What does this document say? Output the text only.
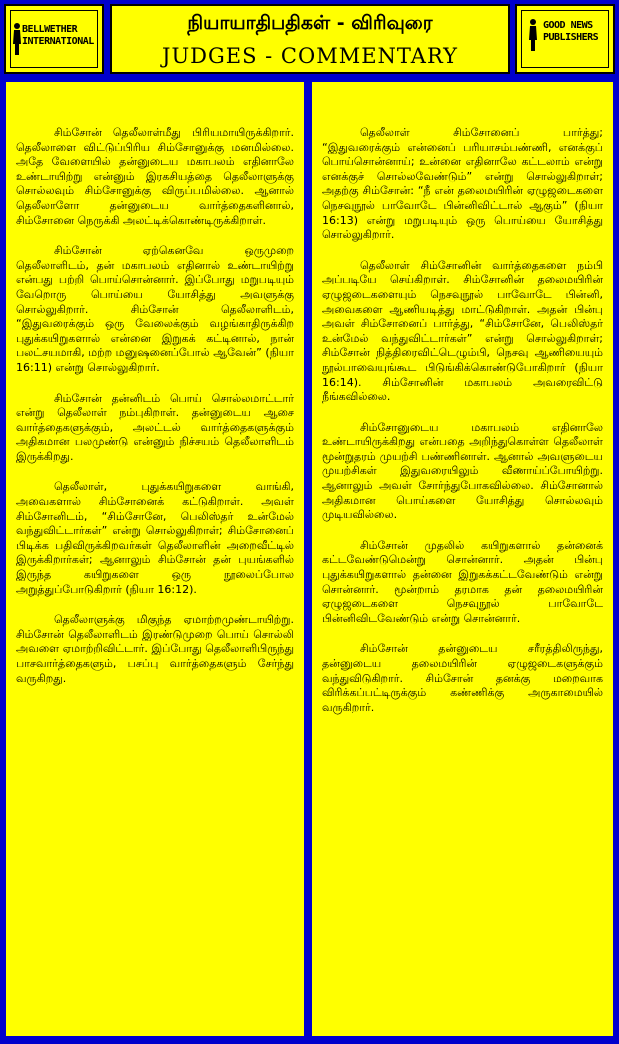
BELLWETHER INTERNATIONAL
நியாயாதிபதிகள் - விரிவுரை
JUDGES - COMMENTARY
GOOD NEWS PUBLISHERS

சிம்சோன் தெலீலாள்மீது பிரியமாயிருக்கிறார். தெலீலாளை விட்டுப்பிரிய சிம்சோனுக்கு மனமில்லை. அதே வேளையில் தன்னுடைய மகாபலம் எதினாலே உண்டாயிற்று என்னும் இரகசியத்தை தெலீலாளுக்கு சொல்லவும் சிம்சோனுக்கு விருப்பமில்லை. ஆனால் தெலீலாளோ தன்னுடைய வார்த்தைகளினால், சிம்சோனை நெருக்கி அலட்டிக்கொண்டிருக்கிறாள்.

சிம்சோன் ஏற்கெனவே ஒருமுறை தெலீலாளிடம், தன் மகாபலம் எதினால் உண்டாயிற்று என்பது பற்றி பொய்சொன்னார். இப்போது மறுபடியும் வேறொரு பொய்யை யோசித்து அவளுக்கு சொல்லுகிறார். சிம்சோன் தெலீலாளிடம், “இதுவரைக்கும் ஒரு வேலைக்கும் வழங்காதிருக்கிற புதுக்கயிறுகளால் என்னை இறுகக் கட்டினால், நான் பலட்சயமாகி, மற்ற மனுஷனைப்போல் ஆவேன்” (நியா 16:11) என்று சொல்லுகிறார்.

சிம்சோன் தன்னிடம் பொய் சொல்லமாட்டார் என்று தெலீலாள் நம்புகிறாள். தன்னுடைய ஆசை வார்த்தைகளுக்கும், அலட்டல் வார்த்தைகளுக்கும் அதிகமான பலமுண்டு என்னும் நிச்சயம் தெலீலாளிடம் இருக்கிறது.

தெலீலாள், புதுக்கயிறுகளை வாங்கி, அவைகளால் சிம்சோனைக் கட்டுகிறாள். அவள் சிம்சோனிடம், “சிம்சோனே, பெலிஸ்தர் உன்மேல் வந்துவிட்டார்கள்” என்று சொல்லுகிறாள்; சிம்சோனைப் பிடிக்க பதிவிருக்கிறவர்கள் தெலீலாளின் அறைவீட்டில் இருக்கிறார்கள்; ஆனாலும் சிம்சோன் தன் புயங்களில் இருந்த கயிறுகளை ஒரு நூலைப்போல அறுத்துப்போடுகிறார் (நியா 16:12).

தெலீலாளுக்கு மிகுந்த ஏமாற்றமுண்டாயிற்று. சிம்சோன் தெலீலாளிடம் இரண்டுமுறை பொய் சொல்லி அவளை ஏமாற்றிவிட்டார். இப்போது தெலீலாளிபிருந்து பாசவார்த்தைகளும், பசப்பு வார்த்தைகளும் சேர்ந்து வருகிறது.

தெலீலாள் சிம்சோனைப் பார்த்து; “இதுவரைக்கும் என்னைப் பரியாசம்பண்ணி, எனக்குப் பொய்சொன்னாய்; உன்னை எதினாலே கட்டலாம் என்று எனக்குச் சொல்லவேண்டும்” என்று சொல்லுகிறாள்; அதற்கு சிம்சோன்: “நீ என் தலைமயிரின் ஏழுஜடைகளை நெசவுநூல் பாவோடே பின்னிவிட்டால் ஆகும்” (நியா 16:13) என்று மறுபடியும் ஒரு பொய்யை யோசித்து சொல்லுகிறார்.

தெலீலாள் சிம்சோனின் வார்த்தைகளை நம்பி அப்படியே செய்கிறாள். சிம்சோனின் தலைமயிரின் ஏழுஜடைகளையும் நெசவுநூல் பாவோடே பின்னி, அவைகளை ஆணியடித்து மாட்டுகிறாள். அதன் பின்பு அவள் சிம்சோனைப் பார்த்து, “சிம்சோனே, பெலிஸ்தர் உன்மேல் வந்துவிட்டார்கள்” என்று சொல்லுகிறாள்; சிம்சோன் நித்திரைவிட்டெழும்பி, நெசவு ஆணியையும் நூல்பாவையுங்கூட பிடுங்கிக்கொண்டுபோகிறார் (நியா 16:14). சிம்சோனின் மகாபலம் அவரைவிட்டு நீங்கவில்லை.

சிம்சோனுடைய மகாபலம் எதினாலே உண்டாயிருக்கிறது என்பதை அறிந்துகொள்ள தெலீலாள் மூன்றுதரம் முயற்சி பண்ணினாள். ஆனால் அவளுடைய முயற்சிகள் இதுவரையிலும் வீணாய்ப்போயிற்று. ஆனாலும் அவள் சோர்ந்துபோகவில்லை. சிம்சோனால் அதிகமான பொய்களை யோசித்து சொல்லவும் முடியவில்லை.

சிம்சோன் முதலில் கயிறுகளால் தன்னைக் கட்டவேண்டுமென்று சொன்னார். அதன் பின்பு புதுக்கயிறுகளால் தன்னை இறுகக்கட்டவேண்டும் என்று சொன்னார். மூன்றாம் தரமாக தன் தலைமயிரின் ஏழுஜடைகளை நெசவுநூல் பாவோடே பின்னிவிடவேண்டும் என்று சொன்னார்.

சிம்சோன் தன்னுடைய சரீரத்திலிருந்து, தன்னுடைய தலைமயிரின் ஏழுஜடைகளுக்கும் வந்துவிடுகிறார். சிம்சோன் தனக்கு மறைவாக விரிக்கப்பட்டிருக்கும் கண்ணிக்கு அருகாமையில் வருகிறார்.
